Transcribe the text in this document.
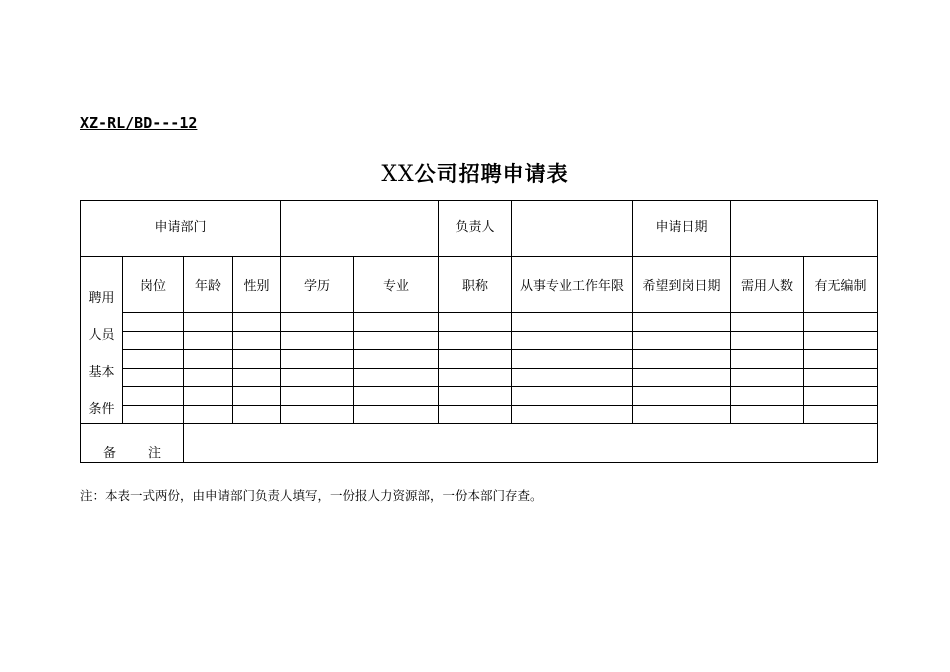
XZ-RL/BD---12
XX公司招聘申请表
申请部门						负责人		申请日期		

聘用
人员
基本
条件	岗位	年龄	性别	学历	专业	职称	从事专业工作年限	希望到岗日期	需用人数	有无编制

备 注										
注：本表一式两份，由申请部门负责人填写，一份报人力资源部，一份本部门存查。
